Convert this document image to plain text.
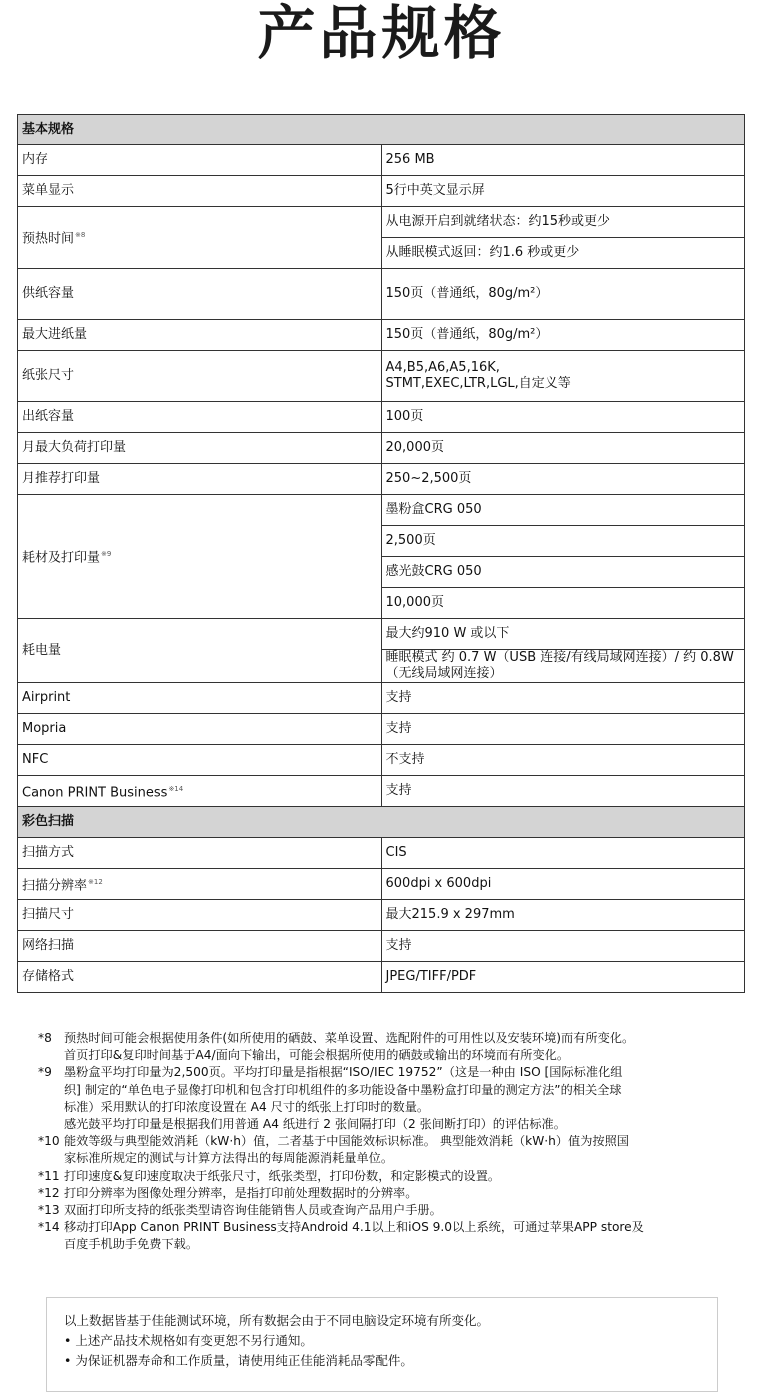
产品规格
基本规格	
内存	256 MB
菜单显示	5行中英文显示屏
预热时间$^{※8}$	从电源开启到就绪状态：约15秒或更少
	从睡眠模式返回：约1.6 秒或更少
供纸容量	150页（普通纸，80g/m²）
最大进纸量	150页（普通纸，80g/m²）
纸张尺寸	A4,B5,A6,A5,16K,
STMT,EXEC,LTR,LGL,自定义等
出纸容量	100页
月最大负荷打印量	20,000页
月推荐打印量	250~2,500页
耗材及打印量$^{※9}$	墨粉盒CRG 050
	2,500页
	感光鼓CRG 050
	10,000页
耗电量	最大约910 W 或以下
	睡眠模式 约 0.7 W（USB 连接/有线局域网连接）/ 约 0.8W（无线局域网连接）
Airprint	支持
Mopria	支持
NFC	不支持
Canon PRINT Business$^{※14}$	支持
彩色扫描	
扫描方式	CIS
扫描分辨率$^{※12}$	600dpi x 600dpi
扫描尺寸	最大215.9 x 297mm
网络扫描	支持
存储格式	JPEG/TIFF/PDF
*8 预热时间可能会根据使用条件(如所使用的硒鼓、菜单设置、选配附件的可用性以及安装环境)而有所变化。
首页打印&复印时间基于A4/面向下输出，可能会根据所使用的硒鼓或输出的环境而有所变化。
*9 墨粉盒平均打印量为2,500页。平均打印量是指根据“ISO/IEC 19752”（这是一种由 ISO [国际标准化组
织] 制定的“单色电子显像打印机和包含打印机组件的多功能设备中墨粉盒打印量的测定方法”的相关全球
标准）采用默认的打印浓度设置在 A4 尺寸的纸张上打印时的数量。
感光鼓平均打印量是根据我们用普通 A4 纸进行 2 张间隔打印（2 张间断打印）的评估标准。
*10 能效等级与典型能效消耗（kW·h）值，二者基于中国能效标识标准。 典型能效消耗（kW·h）值为按照国
家标准所规定的测试与计算方法得出的每周能源消耗量单位。
*11 打印速度&复印速度取决于纸张尺寸，纸张类型，打印份数，和定影模式的设置。
*12 打印分辨率为图像处理分辨率，是指打印前处理数据时的分辨率。
*13 双面打印所支持的纸张类型请咨询佳能销售人员或查询产品用户手册。
*14 移动打印App Canon PRINT Business支持Android 4.1以上和iOS 9.0以上系统，可通过苹果APP store及
百度手机助手免费下载。
以上数据皆基于佳能测试环境，所有数据会由于不同电脑设定环境有所变化。
• 上述产品技术规格如有变更恕不另行通知。
• 为保证机器寿命和工作质量，请使用纯正佳能消耗品零配件。
